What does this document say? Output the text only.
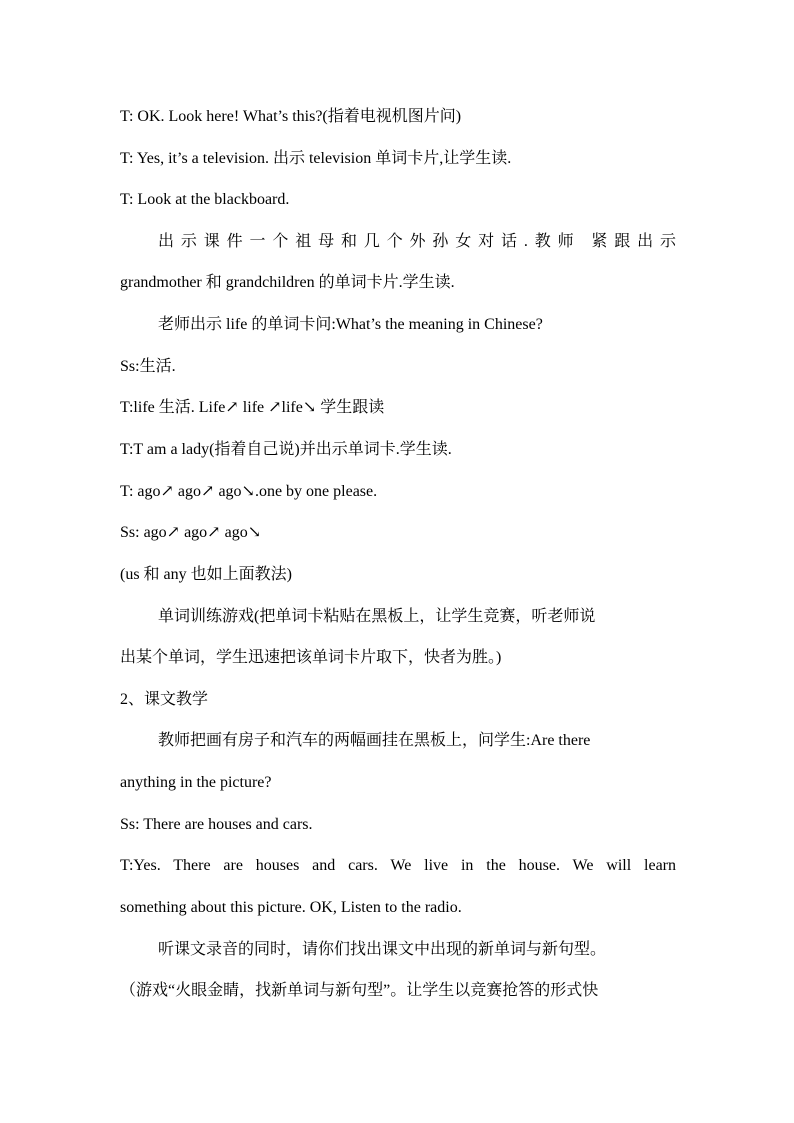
T: OK. Look here! What’s this?(指着电视机图片问)

T: Yes, it’s a television. 出示 television 单词卡片,让学生读.

T: Look at the blackboard.

出示课件一个祖母和几个外孙女对话.教师 紧跟出示

grandmother 和 grandchildren 的单词卡片.学生读.

老师出示 life 的单词卡问:What’s the meaning in Chinese?

Ss:生活.

T:life 生活. Life↗ life ↗life↘ 学生跟读

T:T am a lady(指着自己说)并出示单词卡.学生读.

T: ago↗ ago↗ ago↘.one by one please.

Ss: ago↗ ago↗ ago↘

(us 和 any 也如上面教法)

单词训练游戏(把单词卡粘贴在黑板上，让学生竞赛，听老师说

出某个单词，学生迅速把该单词卡片取下，快者为胜。)

2、课文教学

教师把画有房子和汽车的两幅画挂在黑板上，问学生:Are there

anything in the picture?

Ss: There are houses and cars.

T:Yes. There are houses and cars. We live in the house. We will learn

something about this picture. OK, Listen to the radio.

听课文录音的同时，请你们找出课文中出现的新单词与新句型。

（游戏“火眼金睛，找新单词与新句型”。让学生以竞赛抢答的形式快
